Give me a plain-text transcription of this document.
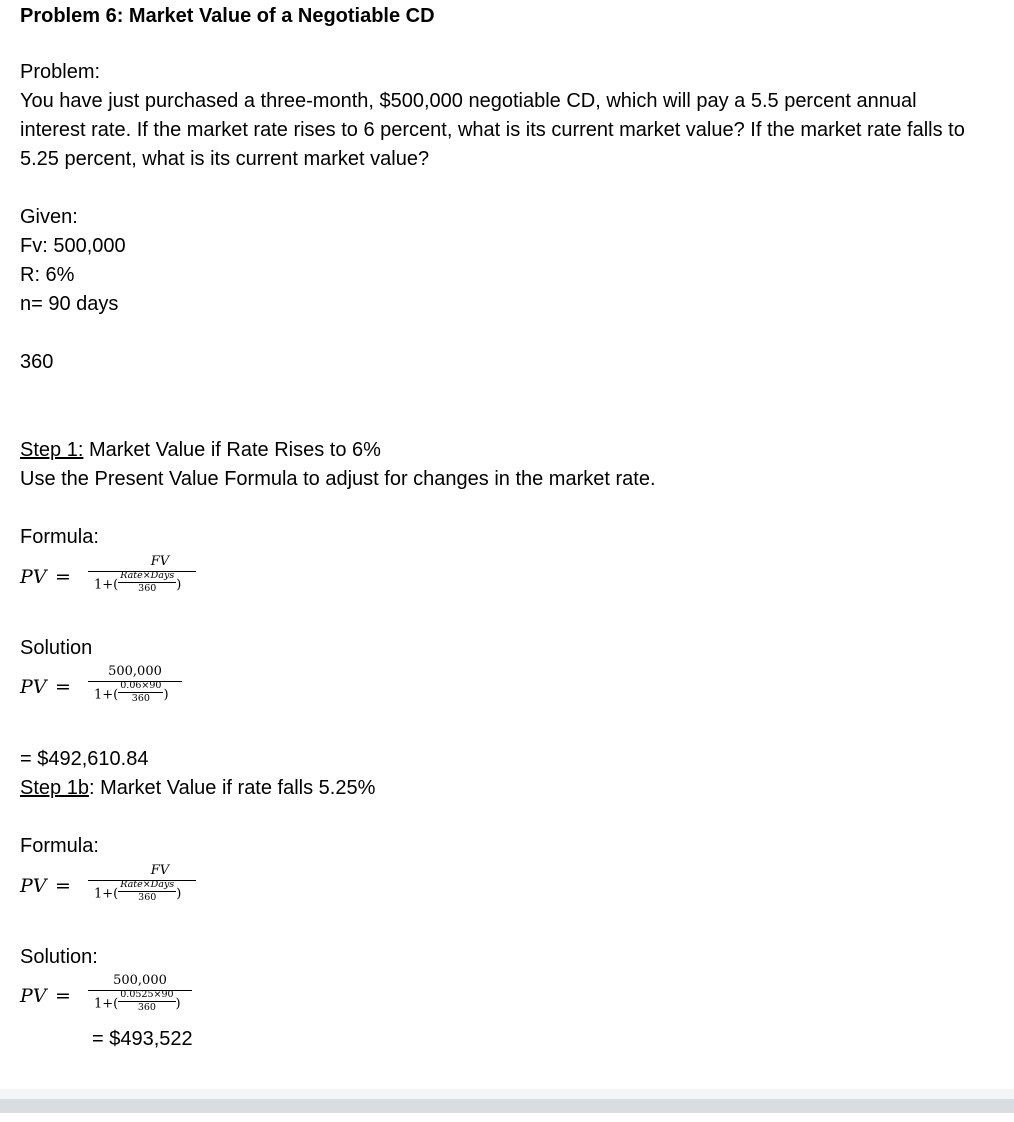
Problem 6: Market Value of a Negotiable CD
Problem:
You have just purchased a three-month, $500,000 negotiable CD, which will pay a 5.5 percent annual interest rate. If the market rate rises to 6 percent, what is its current market value? If the market rate falls to 5.25 percent, what is its current market value?
Given:
Fv: 500,000
R: 6%
n= 90 days
360
Step 1: Market Value if Rate Rises to 6%
Use the Present Value Formula to adjust for changes in the market rate.
Formula:
PV =
FV
$1+( \frac{\text{Rate×Days}}{360}$ )
Solution
PV =
500,000
$1+( \frac{0.06\times 90}{360}$ )
= $492,610.84
Step 1b: Market Value if rate falls 5.25%
Formula:
PV =
FV
$1+( \frac{\text{Rate×Days}}{360}$ )
Solution:
PV =
500,000
$1+( \frac{0.0525\times 90}{360}$ )
= $493,522
